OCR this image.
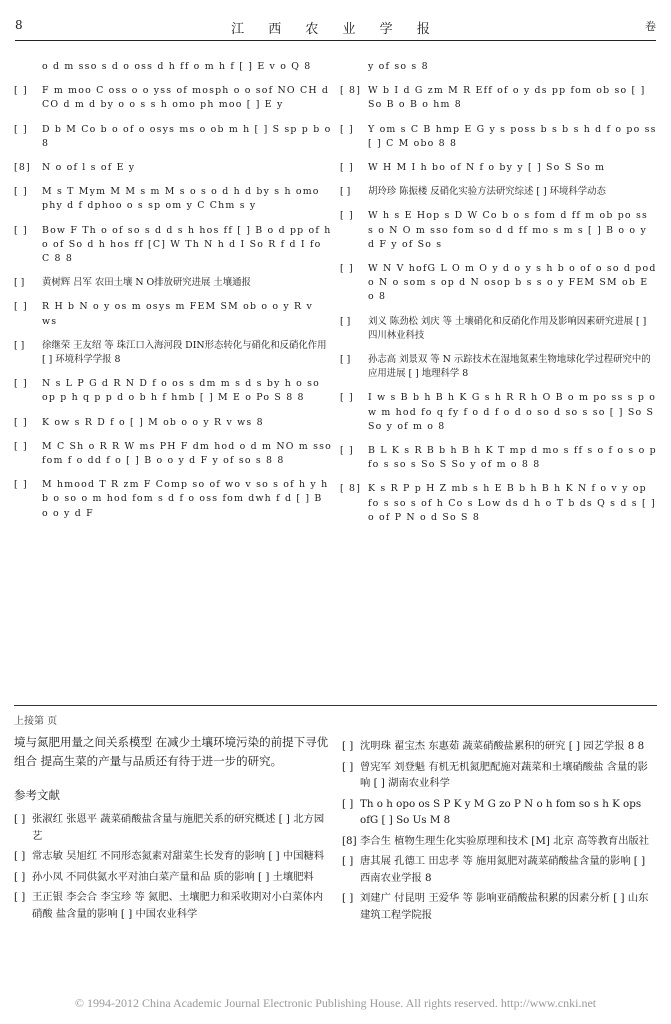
8	江 西 农 业 学 报	卷
o d m sso s d o oss d h ff o m h f [ ] E v o Q 8
[ ] F m moo C oss o o yss of mosph o o sof NO CH d CO d m d by o o s s h omo ph moo [ ] E y
[ ] D b M Co b o of o osys ms o ob m h [ ] S sp p b o 8
[8] N o of l s of E y
[ ] M s T Mym M M s m M s o s o d h d by s h omo phy d f dphoo o s sp om y C Chm s y
[ ] Bow F Th o of so s d d s h hos ff [ ] B o d pp of h o of So d h hos ff [C] W Th N h d I So R f d I fo C 8 8
[ ] 黄树辉 吕军 农田土壤 N O排放研究进展 土壤通报
[ ] R H b N o y os m osys m FEM SM ob o o y R v ws
[ ] 徐继荣 王友绍 等 珠江口入海河段 DIN形态转化与硝化和反硝化作用 [ ] 环境科学学报 8
[ ] N s L P G d R N D f o os s dm m s d s by h o so op p h q p p d o b h f hmb [ ] M E o Po S 8 8
[ ] K ow s R D f o [ ] M ob o o y R v ws 8
[ ] M C Sh o R R W ms PH F dm hod o d m NO m sso fom f o dd f o [ ] B o o y d F y of so s 8 8
[ ] M hmood T R zm F Comp so of wo v so s of h y h b o so o m hod fom s d f o oss fom dwh f d [ ] B o o y d F
y of so s 8
[ 8] W b I d G zm M R Eff of o y ds pp fom ob so [ ] So B o B o hm 8
[ ] Y om s C B hmp E G y s poss b s b s h d f o po ss [ ] C M obo 8 8
[ ] W H M I h bo of N f o by y [ ] So S So m
[ ] 胡玲珍 陈振楼 反硝化实验方法研究综述 [ ] 环境科学动态
[ ] W h s E Hop s D W Co b o s fom d ff m ob po ss s o N O m sso fom so d d ff mo s m s [ ] B o o y d F y of So s
[ ] W N V hofG L O m O y d o y s h b o of o so d pod o N o som s op d N osop b s s o y FEM SM ob E o 8
[ ] 刘义 陈劲松 刘庆 等 土壤硝化和反硝化作用及影响因素研究进展 [ ] 四川林业科技
[ ] 孙志高 刘景双 等 N 示踪技术在湿地氮素生物地球化学过程研究中的应用进展 [ ] 地理科学 8
[ ] I w s B b h B h K G s h R R h O B o m po ss s p o w m hod fo q fy f o d f o d o so d so s so [ ] So S So y of m o 8
[ ] B L K s R B b h B h K T mp d mo s ff s o f o s o p fo s so s So S So y of m o 8 8
[ 8] K s R P p H Z mb s h E B b h B h K N f o v y op fo s so s of h Co s Low ds d h o T b ds Q s d s [ ] o of P N o d So S 8
上接第 页

境与氮肥用量之间关系模型 在减少土壤环境污染的前提下寻优组合 提高生菜的产量与品质还有待于进一步的研究。

参考文献
[ ] 张淑红 张恩平 蔬菜硝酸盐含量与施肥关系的研究概述 [ ] 北方园艺
[ ] 常志敏 吴旭红 不同形态氮素对甜菜生长发育的影响 [ ] 中国糖料
[ ] 孙小凤 不同供氮水平对油白菜产量和品 质的影响 [ ] 土壤肥料
[ ] 王正银 李会合 李宝珍 等 氮肥、土壤肥力和采收期对小白菜体内硝酸 盐含量的影响 [ ] 中国农业科学
[ ] 沈明珠 翟宝杰 东惠茹 蔬菜硝酸盐累积的研究 [ ] 园艺学报 8 8
[ ] 曾宪军 刘登魁 有机无机氮肥配施对蔬菜和土壤硝酸盐 含量的影响 [ ] 湖南农业科学
[ ] Th o h opo os S P K y M G zo P N o h fom so s h K ops ofG [ ] So Us M 8
[8] 李合生 植物生理生化实验原理和技术 [M] 北京 高等教育出版社
[ ] 唐其展 孔德工 田忠孝 等 施用氮肥对蔬菜硝酸盐含量的影响 [ ] 西南农业学报 8
[ ] 刘建广 付昆明 王爱华 等 影响亚硝酸盐积累的因素分析 [ ] 山东建筑工程学院报
© 1994-2012 China Academic Journal Electronic Publishing House. All rights reserved. http://www.cnki.net
